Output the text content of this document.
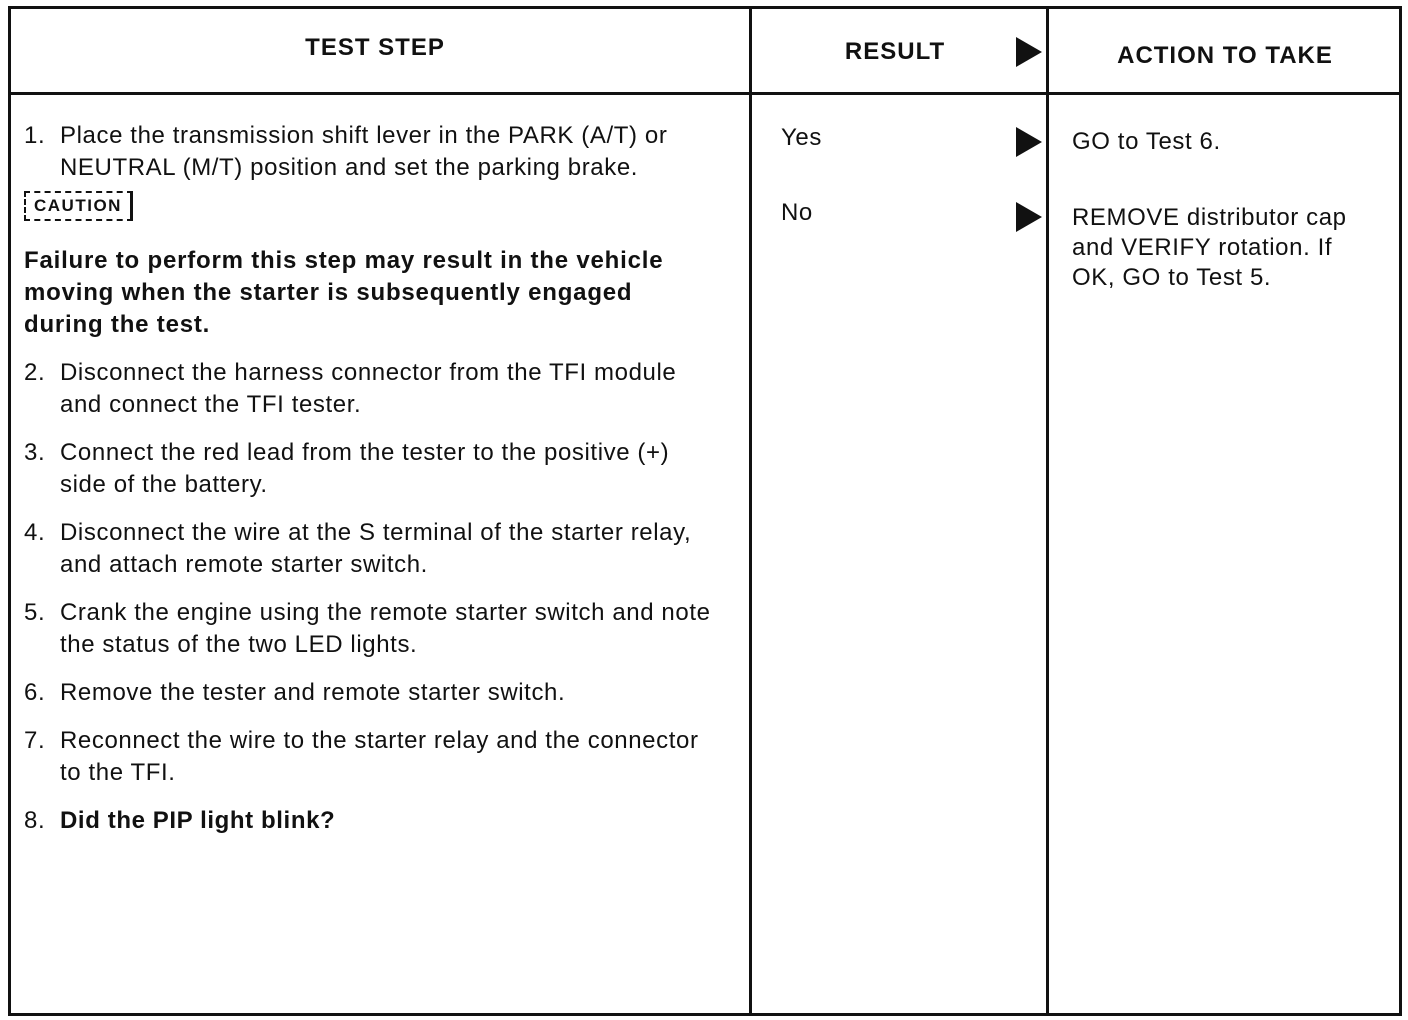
TEST STEP	RESULT	ACTION TO TAKE
1. Place the transmission shift lever in the PARK (A/T) or NEUTRAL (M/T) position and set the parking brake.
CAUTION
Failure to perform this step may result in the vehicle moving when the starter is subsequently engaged during the test.
2. Disconnect the harness connector from the TFI module and connect the TFI tester.
3. Connect the red lead from the tester to the positive (+) side of the battery.
4. Disconnect the wire at the S terminal of the starter relay, and attach remote starter switch.
5. Crank the engine using the remote starter switch and note the status of the two LED lights.
6. Remove the tester and remote starter switch.
7. Reconnect the wire to the starter relay and the connector to the TFI.
8. Did the PIP light blink?
Yes
No
GO to Test 6.
REMOVE distributor cap and VERIFY rotation. If OK, GO to Test 5.
